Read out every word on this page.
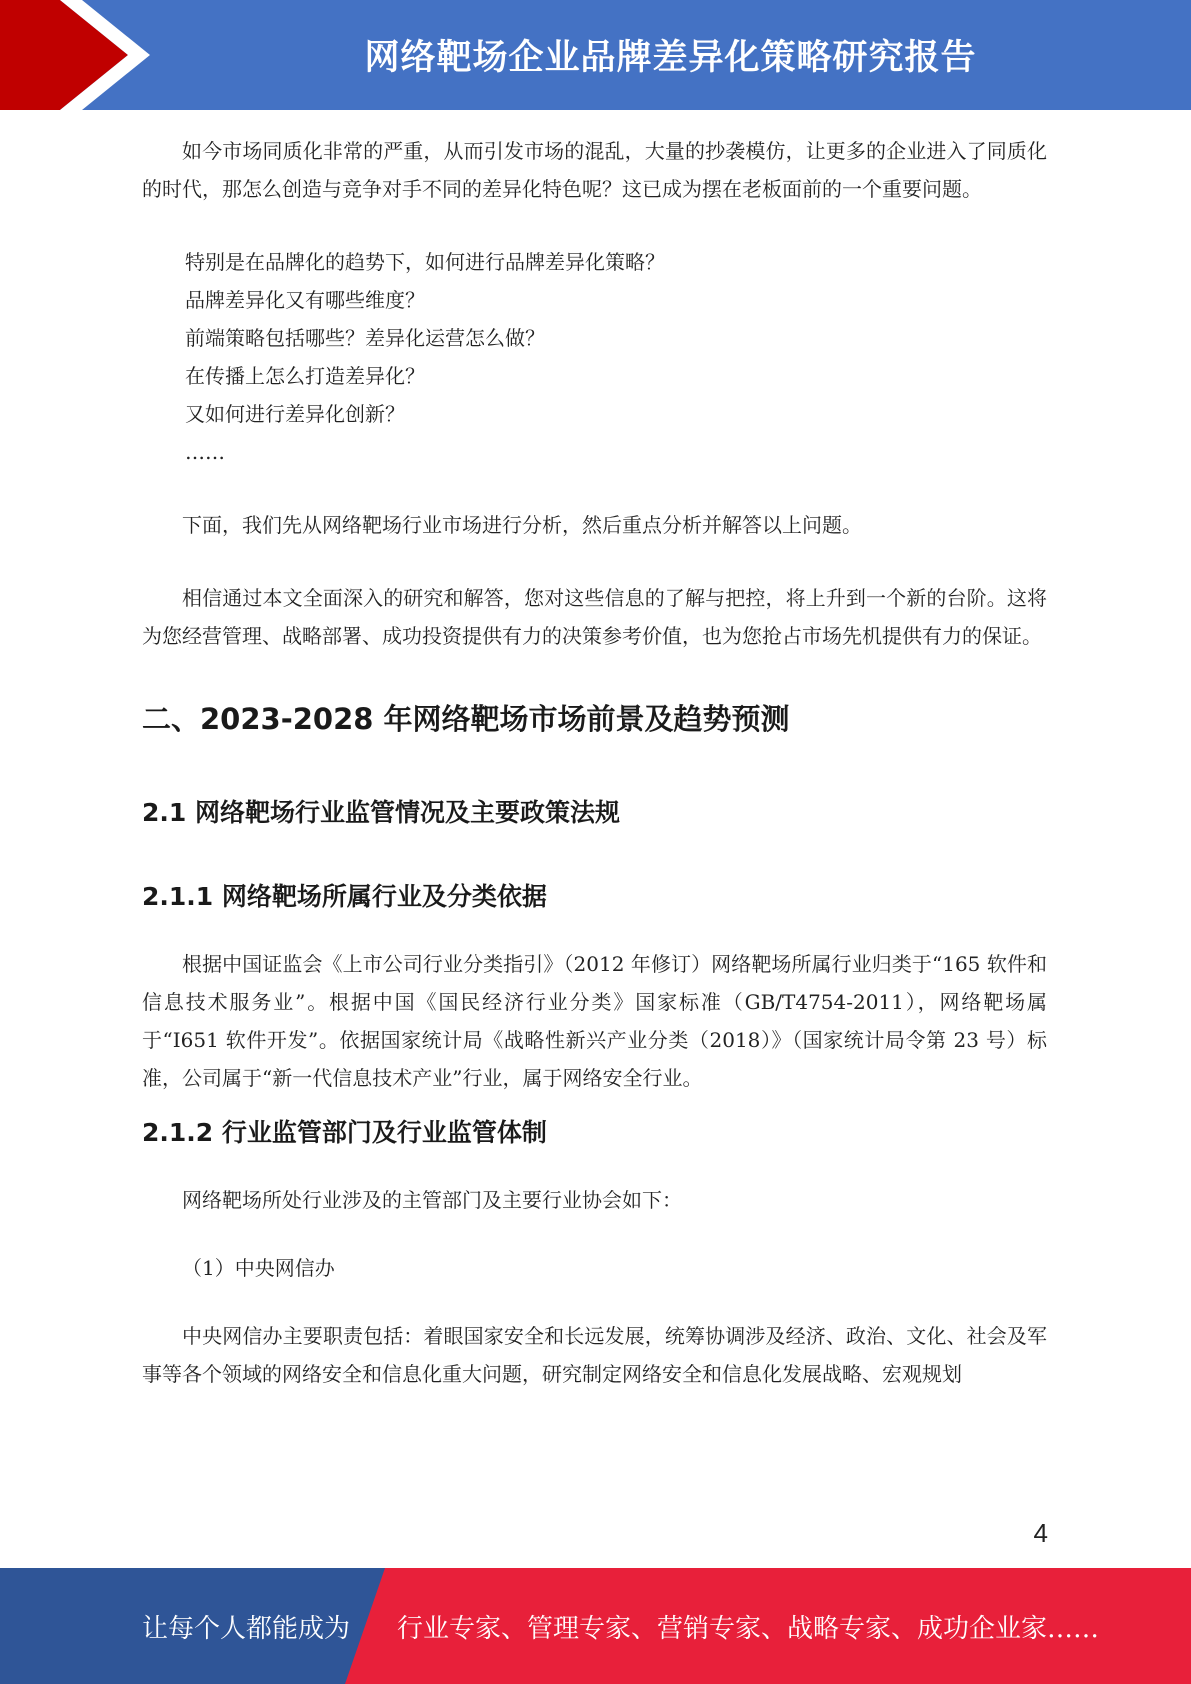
网络靶场企业品牌差异化策略研究报告

如今市场同质化非常的严重，从而引发市场的混乱，大量的抄袭模仿，让更多的企业进入了同质化的时代，那怎么创造与竞争对手不同的差异化特色呢？这已成为摆在老板面前的一个重要问题。

特别是在品牌化的趋势下，如何进行品牌差异化策略？
品牌差异化又有哪些维度？
前端策略包括哪些？差异化运营怎么做？
在传播上怎么打造差异化？
又如何进行差异化创新？
……

下面，我们先从网络靶场行业市场进行分析，然后重点分析并解答以上问题。

相信通过本文全面深入的研究和解答，您对这些信息的了解与把控，将上升到一个新的台阶。这将为您经营管理、战略部署、成功投资提供有力的决策参考价值，也为您抢占市场先机提供有力的保证。

二、2023-2028 年网络靶场市场前景及趋势预测
2.1 网络靶场行业监管情况及主要政策法规
2.1.1 网络靶场所属行业及分类依据

根据中国证监会《上市公司行业分类指引》（2012 年修订）网络靶场所属行业归类于“165 软件和信息技术服务业”。根据中国《国民经济行业分类》国家标准（GB/T4754-2011），网络靶场属于“I651 软件开发”。依据国家统计局《战略性新兴产业分类（2018）》（国家统计局令第 23 号）标准，公司属于“新一代信息技术产业”行业，属于网络安全行业。

2.1.2 行业监管部门及行业监管体制

网络靶场所处行业涉及的主管部门及主要行业协会如下：

（1）中央网信办

中央网信办主要职责包括：着眼国家安全和长远发展，统筹协调涉及经济、政治、文化、社会及军事等各个领域的网络安全和信息化重大问题，研究制定网络安全和信息化发展战略、宏观规划

4
让每个人都能成为 行业专家、管理专家、营销专家、战略专家、成功企业家……
